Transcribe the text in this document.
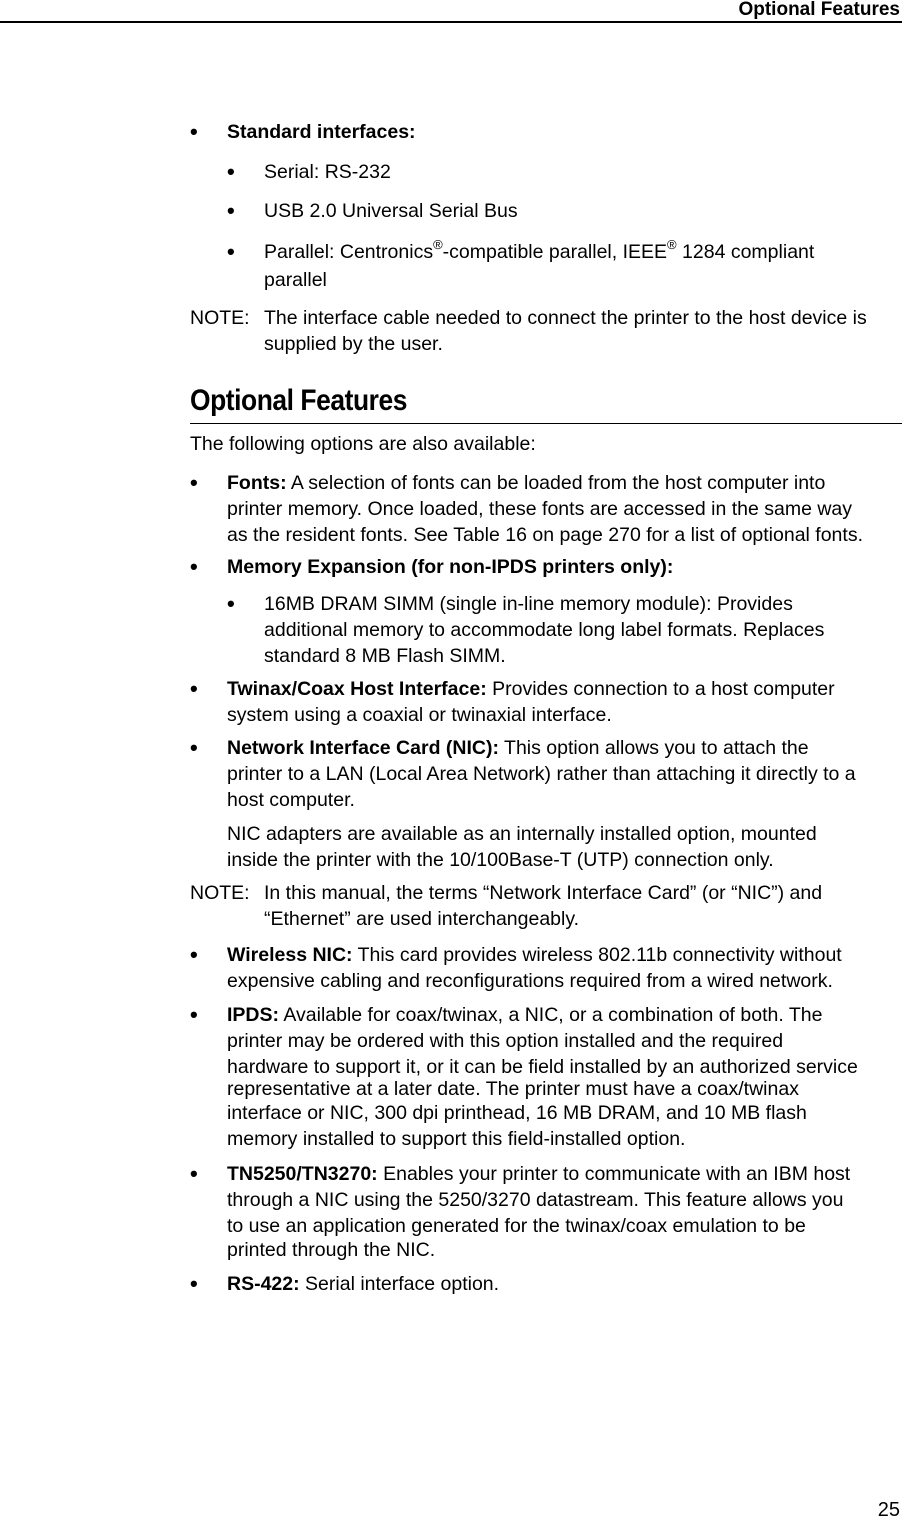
Optional Features
• Standard interfaces:
• Serial: RS-232
• USB 2.0 Universal Serial Bus
• Parallel: Centronics®-compatible parallel, IEEE® 1284 compliant
parallel
NOTE: The interface cable needed to connect the printer to the host device is
supplied by the user.
Optional Features
The following options are also available:
• Fonts: A selection of fonts can be loaded from the host computer into
printer memory. Once loaded, these fonts are accessed in the same way
as the resident fonts. See Table 16 on page 270 for a list of optional fonts.
• Memory Expansion (for non-IPDS printers only):
• 16MB DRAM SIMM (single in-line memory module): Provides
additional memory to accommodate long label formats. Replaces
standard 8 MB Flash SIMM.
• Twinax/Coax Host Interface: Provides connection to a host computer
system using a coaxial or twinaxial interface.
• Network Interface Card (NIC): This option allows you to attach the
printer to a LAN (Local Area Network) rather than attaching it directly to a
host computer.
NIC adapters are available as an internally installed option, mounted
inside the printer with the 10/100Base-T (UTP) connection only.
NOTE: In this manual, the terms “Network Interface Card” (or “NIC”) and
“Ethernet” are used interchangeably.
• Wireless NIC: This card provides wireless 802.11b connectivity without
expensive cabling and reconfigurations required from a wired network.
• IPDS: Available for coax/twinax, a NIC, or a combination of both. The
printer may be ordered with this option installed and the required
hardware to support it, or it can be field installed by an authorized service
representative at a later date. The printer must have a coax/twinax
interface or NIC, 300 dpi printhead, 16 MB DRAM, and 10 MB flash
memory installed to support this field-installed option.
• TN5250/TN3270: Enables your printer to communicate with an IBM host
through a NIC using the 5250/3270 datastream. This feature allows you
to use an application generated for the twinax/coax emulation to be
printed through the NIC.
• RS-422: Serial interface option.
25
